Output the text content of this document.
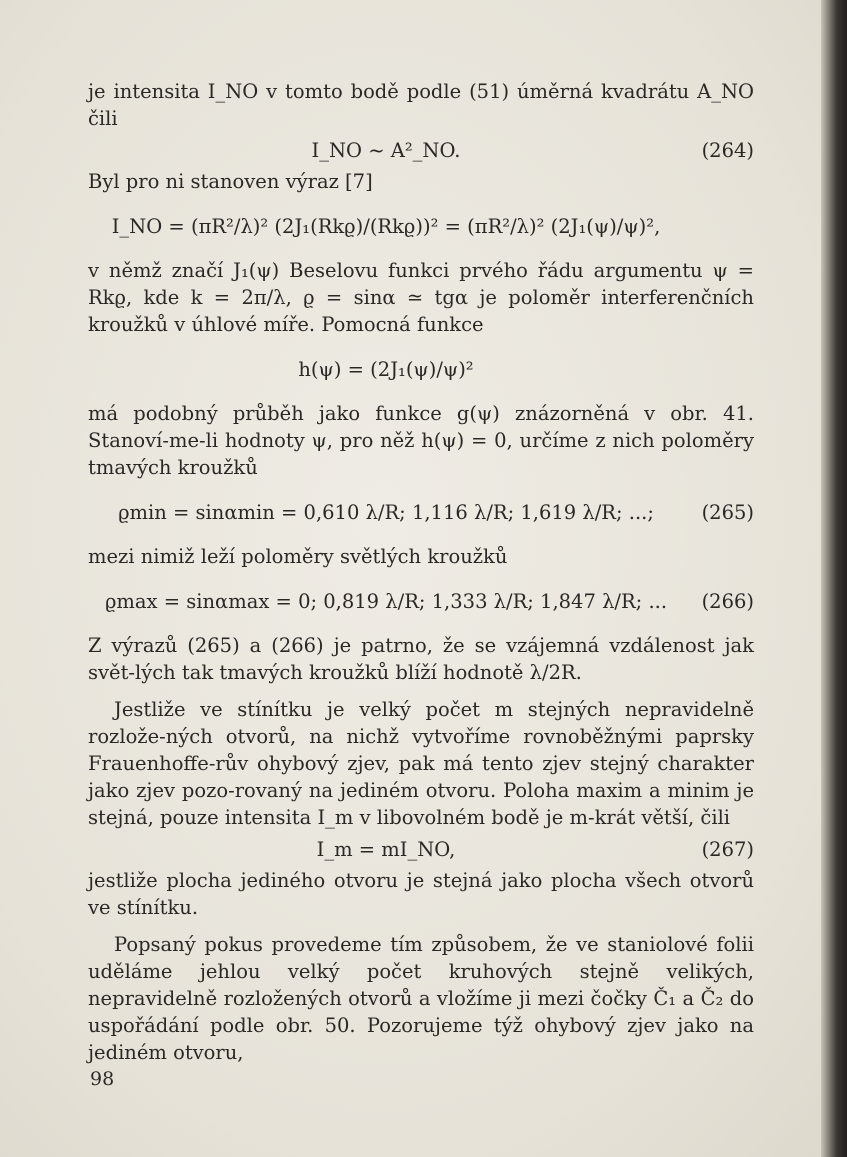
je intensita I_NO v tomto bodě podle (51) úměrná kvadrátu A_NO čili

I_NO ~ A²_NO.	(264)

Byl pro ni stanoven výraz [7]

I_NO = (πR²/λ)² (2J₁(Rkϱ)/(Rkϱ))² = (πR²/λ)² (2J₁(ψ)/ψ)²,

v němž značí J₁(ψ) Beselovu funkci prvého řádu argumentu ψ = Rkϱ, kde k = 2π/λ, ϱ = sinα ≃ tgα je poloměr interferenčních kroužků v úhlové míře. Pomocná funkce

h(ψ) = (2J₁(ψ)/ψ)²

má podobný průběh jako funkce g(ψ) znázorněná v obr. 41. Stanoví-me-li hodnoty ψ, pro něž h(ψ) = 0, určíme z nich poloměry tmavých kroužků

ϱmin = sinαmin = 0,610 λ/R; 1,116 λ/R; 1,619 λ/R; ...;	(265)

mezi nimiž leží poloměry světlých kroužků

ϱmax = sinαmax = 0; 0,819 λ/R; 1,333 λ/R; 1,847 λ/R; ...	(266)

Z výrazů (265) a (266) je patrno, že se vzájemná vzdálenost jak svět-lých tak tmavých kroužků blíží hodnotě λ/2R.

Jestliže ve stínítku je velký počet m stejných nepravidelně rozlože-ných otvorů, na nichž vytvoříme rovnoběžnými paprsky Frauenhoffe-rův ohybový zjev, pak má tento zjev stejný charakter jako zjev pozo-rovaný na jediném otvoru. Poloha maxim a minim je stejná, pouze intensita I_m v libovolném bodě je m-krát větší, čili

I_m = mI_NO,	(267)

jestliže plocha jediného otvoru je stejná jako plocha všech otvorů ve stínítku.

Popsaný pokus provedeme tím způsobem, že ve staniolové folii uděláme jehlou velký počet kruhových stejně velikých, nepravidelně rozložených otvorů a vložíme ji mezi čočky Č₁ a Č₂ do uspořádání podle obr. 50. Pozorujeme týž ohybový zjev jako na jediném otvoru,

98
